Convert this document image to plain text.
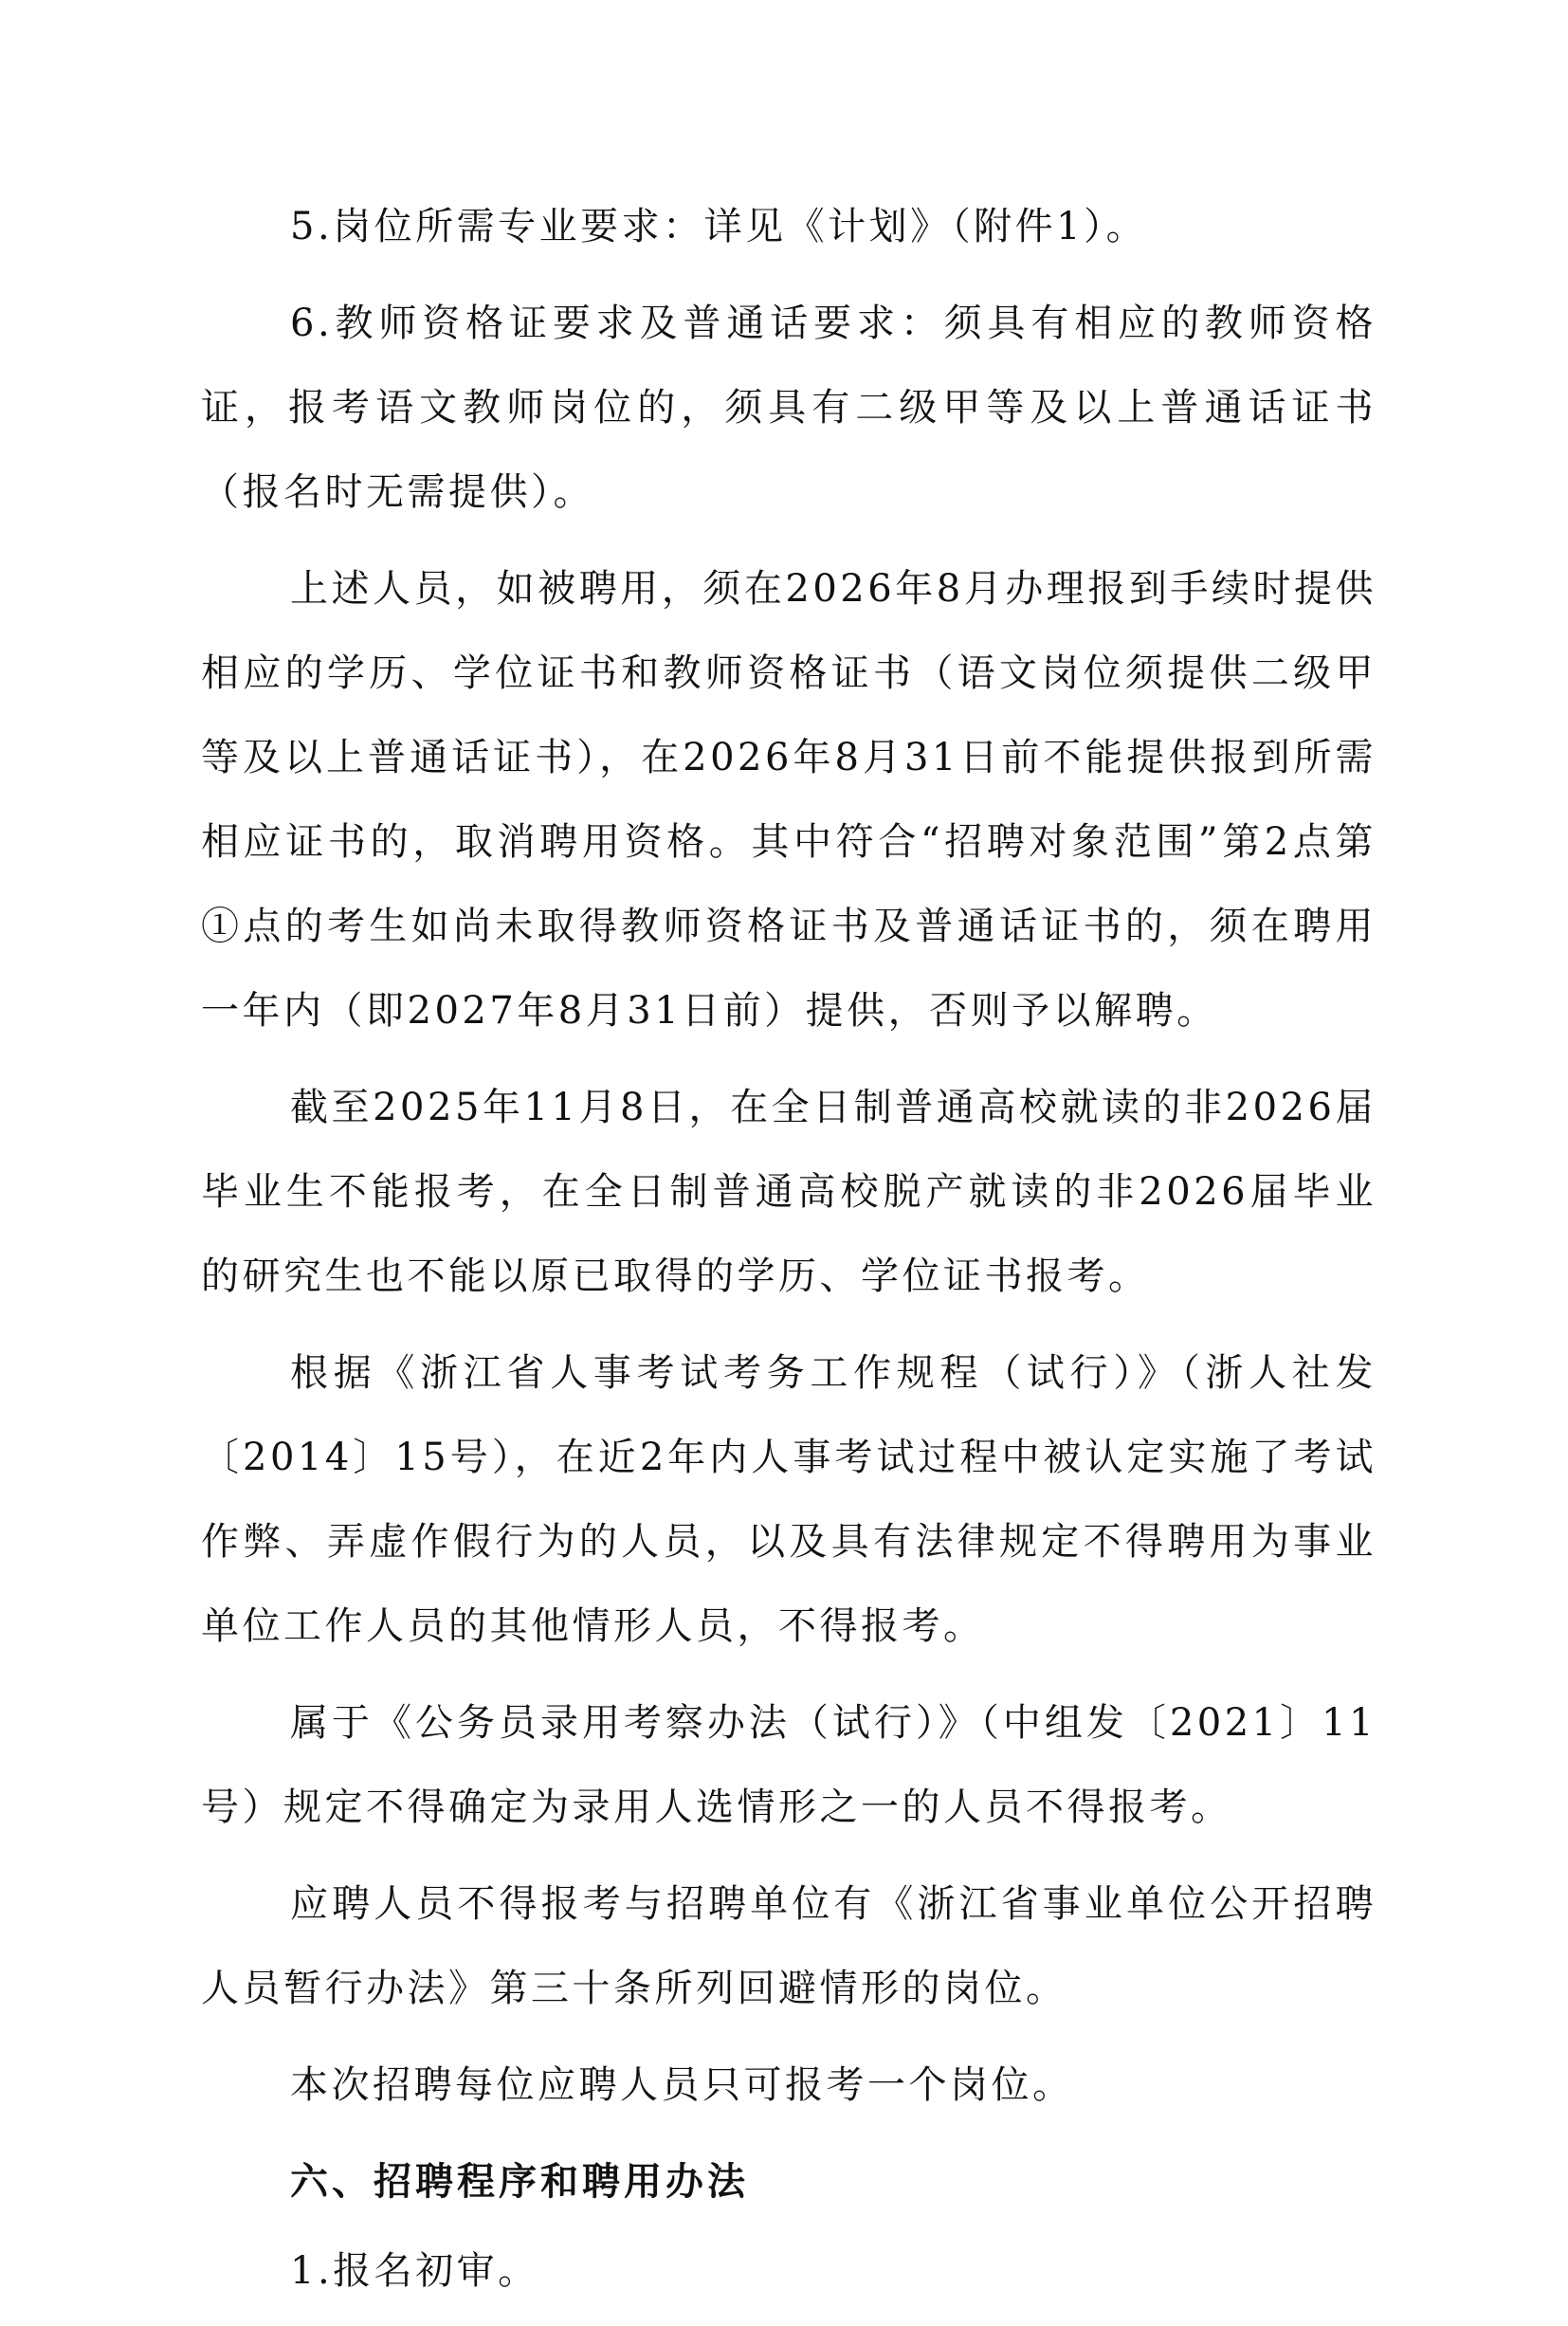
5.岗位所需专业要求：详见《计划》（附件1）。

6.教师资格证要求及普通话要求：须具有相应的教师资格证，报考语文教师岗位的，须具有二级甲等及以上普通话证书（报名时无需提供）。

上述人员，如被聘用，须在2026年8月办理报到手续时提供相应的学历、学位证书和教师资格证书（语文岗位须提供二级甲等及以上普通话证书），在2026年8月31日前不能提供报到所需相应证书的，取消聘用资格。其中符合“招聘对象范围”第2点第①点的考生如尚未取得教师资格证书及普通话证书的，须在聘用一年内（即2027年8月31日前）提供，否则予以解聘。

截至2025年11月8日，在全日制普通高校就读的非2026届毕业生不能报考，在全日制普通高校脱产就读的非2026届毕业的研究生也不能以原已取得的学历、学位证书报考。

根据《浙江省人事考试考务工作规程（试行）》（浙人社发〔2014〕15号），在近2年内人事考试过程中被认定实施了考试作弊、弄虚作假行为的人员，以及具有法律规定不得聘用为事业单位工作人员的其他情形人员，不得报考。

属于《公务员录用考察办法（试行）》（中组发〔2021〕11号）规定不得确定为录用人选情形之一的人员不得报考。

应聘人员不得报考与招聘单位有《浙江省事业单位公开招聘人员暂行办法》第三十条所列回避情形的岗位。

本次招聘每位应聘人员只可报考一个岗位。

六、招聘程序和聘用办法

1.报名初审。
